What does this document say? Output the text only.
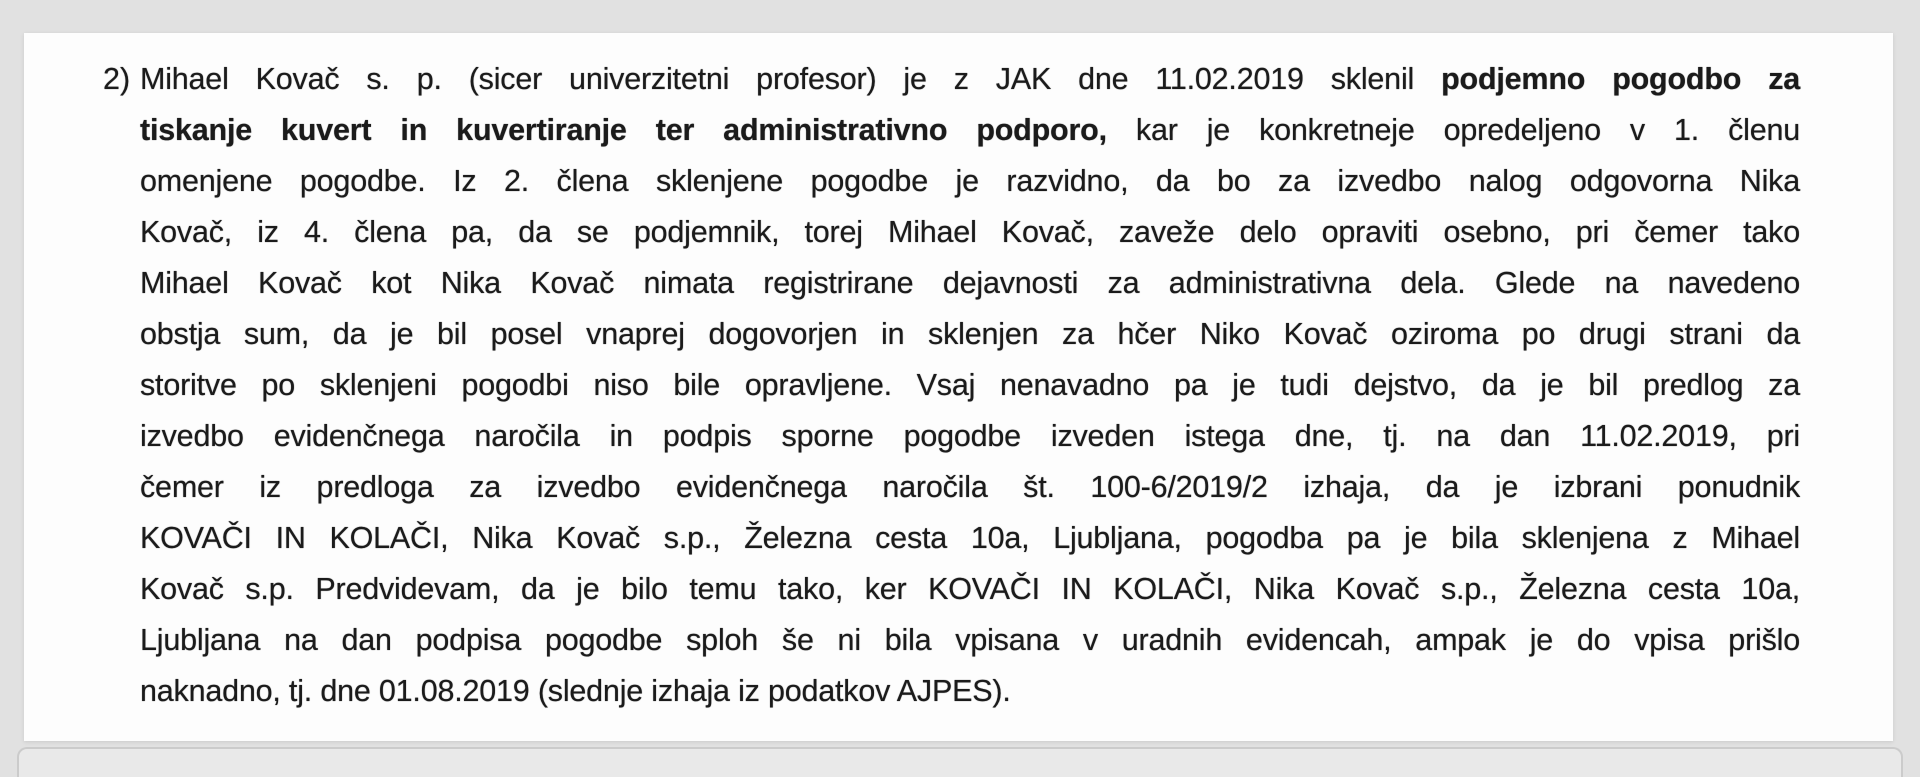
2) Mihael Kovač s. p. (sicer univerzitetni profesor) je z JAK dne 11.02.2019 sklenil podjemno pogodbo za
tiskanje kuvert in kuvertiranje ter administrativno podporo, kar je konkretneje opredeljeno v 1. členu
omenjene pogodbe. Iz 2. člena sklenjene pogodbe je razvidno, da bo za izvedbo nalog odgovorna Nika
Kovač, iz 4. člena pa, da se podjemnik, torej Mihael Kovač, zaveže delo opraviti osebno, pri čemer tako
Mihael Kovač kot Nika Kovač nimata registrirane dejavnosti za administrativna dela. Glede na navedeno
obstja sum, da je bil posel vnaprej dogovorjen in sklenjen za hčer Niko Kovač oziroma po drugi strani da
storitve po sklenjeni pogodbi niso bile opravljene. Vsaj nenavadno pa je tudi dejstvo, da je bil predlog za
izvedbo evidenčnega naročila in podpis sporne pogodbe izveden istega dne, tj. na dan 11.02.2019, pri
čemer iz predloga za izvedbo evidenčnega naročila št. 100-6/2019/2 izhaja, da je izbrani ponudnik
KOVAČI IN KOLAČI, Nika Kovač s.p., Železna cesta 10a, Ljubljana, pogodba pa je bila sklenjena z Mihael
Kovač s.p. Predvidevam, da je bilo temu tako, ker KOVAČI IN KOLAČI, Nika Kovač s.p., Železna cesta 10a,
Ljubljana na dan podpisa pogodbe sploh še ni bila vpisana v uradnih evidencah, ampak je do vpisa prišlo
naknadno, tj. dne 01.08.2019 (slednje izhaja iz podatkov AJPES).
